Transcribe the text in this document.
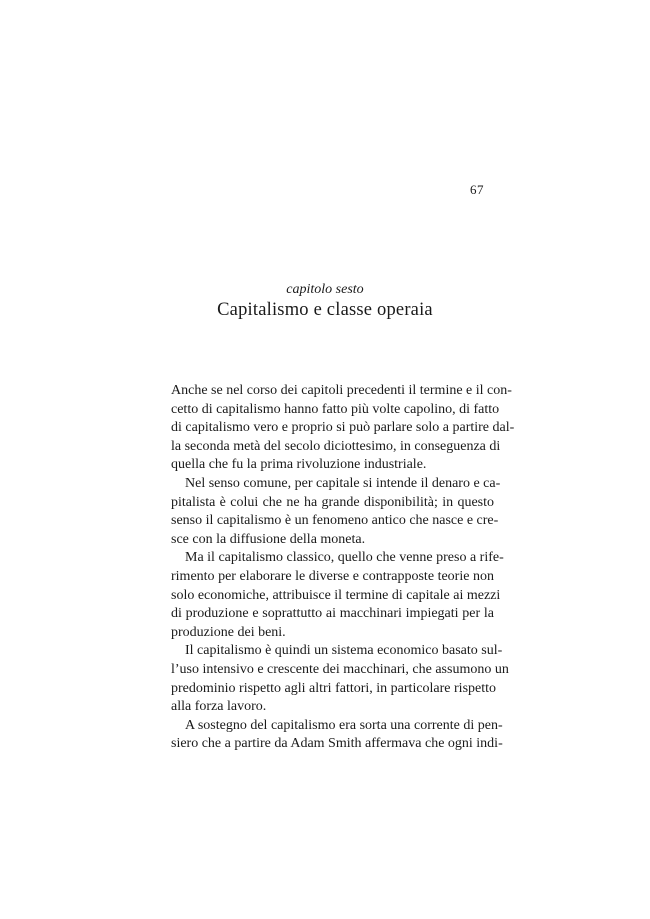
67
capitolo sesto
Capitalismo e classe operaia
Anche se nel corso dei capitoli precedenti il termine e il con-
cetto di capitalismo hanno fatto più volte capolino, di fatto
di capitalismo vero e proprio si può parlare solo a partire dal-
la seconda metà del secolo diciottesimo, in conseguenza di
quella che fu la prima rivoluzione industriale.
Nel senso comune, per capitale si intende il denaro e ca-
pitalista è colui che ne ha grande disponibilità; in questo
senso il capitalismo è un fenomeno antico che nasce e cre-
sce con la diffusione della moneta.
Ma il capitalismo classico, quello che venne preso a rife-
rimento per elaborare le diverse e contrapposte teorie non
solo economiche, attribuisce il termine di capitale ai mezzi
di produzione e soprattutto ai macchinari impiegati per la
produzione dei beni.
Il capitalismo è quindi un sistema economico basato sul-
l’uso intensivo e crescente dei macchinari, che assumono un
predominio rispetto agli altri fattori, in particolare rispetto
alla forza lavoro.
A sostegno del capitalismo era sorta una corrente di pen-
siero che a partire da Adam Smith affermava che ogni indi-
